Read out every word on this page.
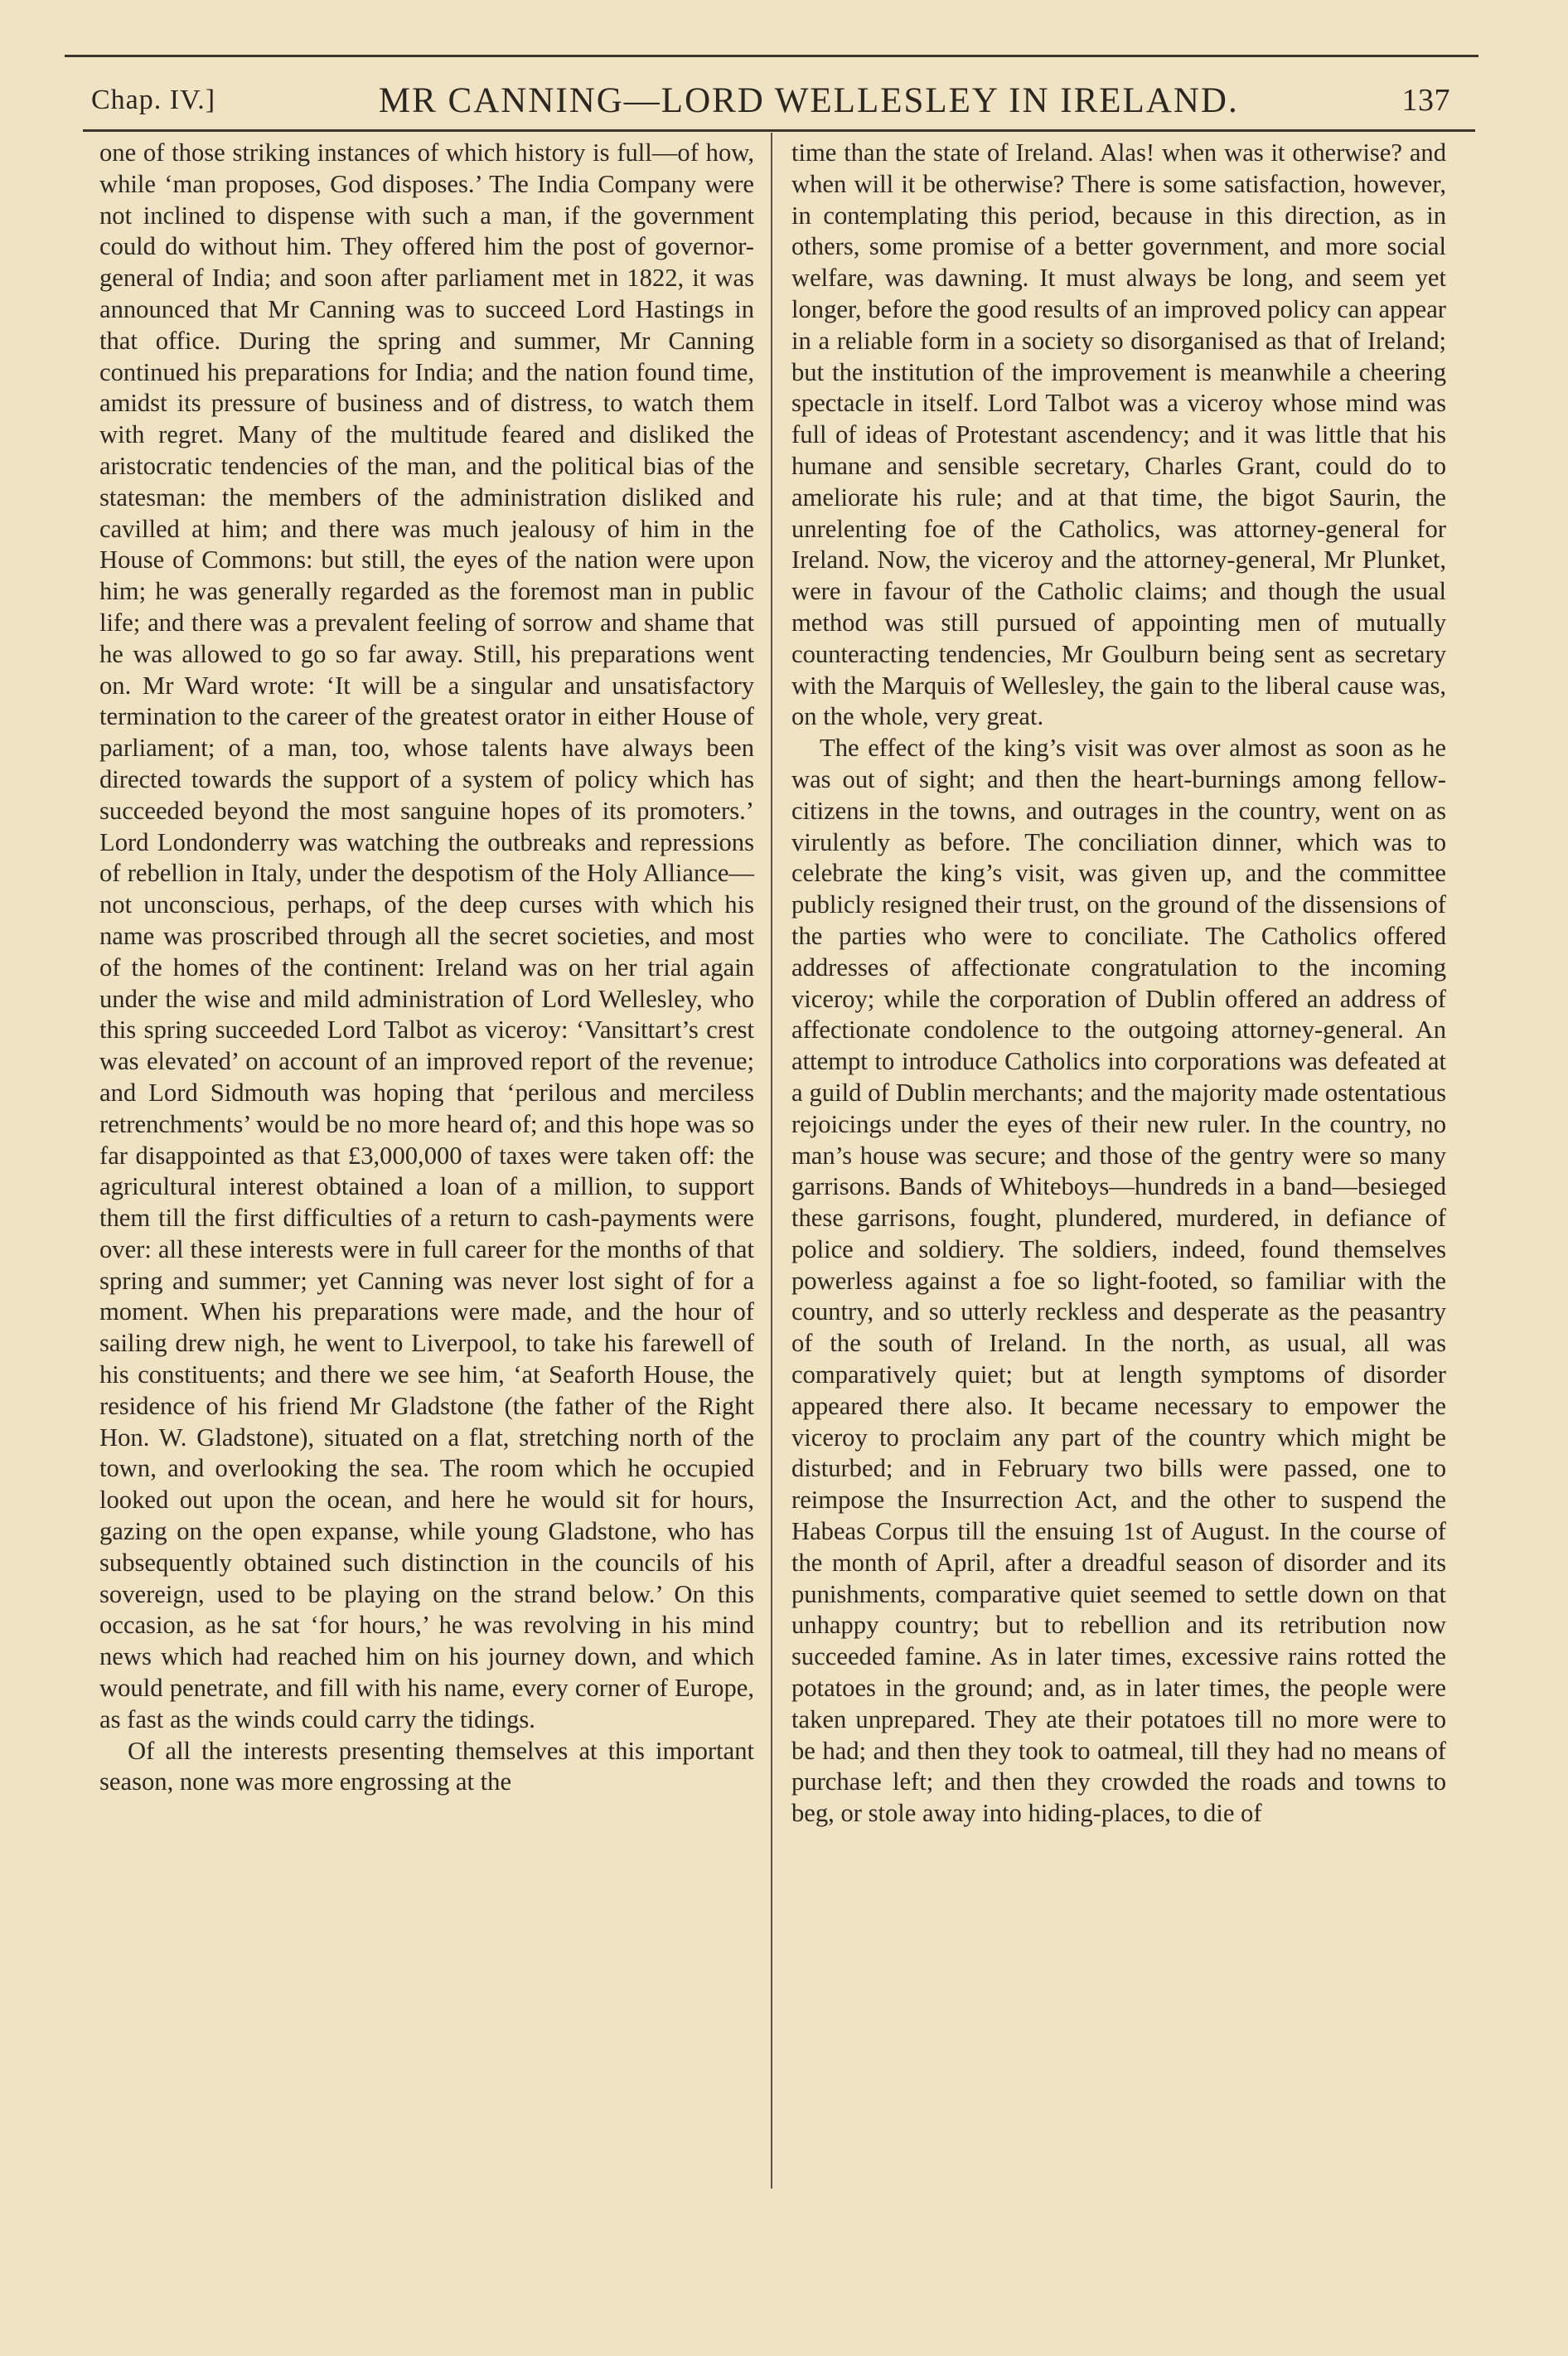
Chap. IV.]	MR CANNING—LORD WELLESLEY IN IRELAND.	137

one of those striking instances of which history is full—of how, while ‘man proposes, God disposes.’ The India Company were not inclined to dispense with such a man, if the government could do without him. They offered him the post of governor-general of India; and soon after parliament met in 1822, it was announced that Mr Canning was to succeed Lord Hastings in that office. During the spring and summer, Mr Canning continued his preparations for India; and the nation found time, amidst its pressure of business and of distress, to watch them with regret. Many of the multitude feared and disliked the aristocratic tendencies of the man, and the political bias of the statesman: the members of the administration disliked and cavilled at him; and there was much jealousy of him in the House of Commons: but still, the eyes of the nation were upon him; he was generally regarded as the foremost man in public life; and there was a prevalent feeling of sorrow and shame that he was allowed to go so far away. Still, his preparations went on. Mr Ward wrote: ‘It will be a singular and unsatisfactory termination to the career of the greatest orator in either House of parliament; of a man, too, whose talents have always been directed towards the support of a system of policy which has succeeded beyond the most sanguine hopes of its promoters.’ Lord Londonderry was watching the outbreaks and repressions of rebellion in Italy, under the despotism of the Holy Alliance—not unconscious, perhaps, of the deep curses with which his name was proscribed through all the secret societies, and most of the homes of the continent: Ireland was on her trial again under the wise and mild administration of Lord Wellesley, who this spring succeeded Lord Talbot as viceroy: ‘Vansittart’s crest was elevated’ on account of an improved report of the revenue; and Lord Sidmouth was hoping that ‘perilous and merciless retrenchments’ would be no more heard of; and this hope was so far disappointed as that £3,000,000 of taxes were taken off: the agricultural interest obtained a loan of a million, to support them till the first difficulties of a return to cash-payments were over: all these interests were in full career for the months of that spring and summer; yet Canning was never lost sight of for a moment. When his preparations were made, and the hour of sailing drew nigh, he went to Liverpool, to take his farewell of his constituents; and there we see him, ‘at Seaforth House, the residence of his friend Mr Gladstone (the father of the Right Hon. W. Gladstone), situated on a flat, stretching north of the town, and overlooking the sea. The room which he occupied looked out upon the ocean, and here he would sit for hours, gazing on the open expanse, while young Gladstone, who has subsequently obtained such distinction in the councils of his sovereign, used to be playing on the strand below.’ On this occasion, as he sat ‘for hours,’ he was revolving in his mind news which had reached him on his journey down, and which would penetrate, and fill with his name, every corner of Europe, as fast as the winds could carry the tidings.

Of all the interests presenting themselves at this important season, none was more engrossing at the

time than the state of Ireland. Alas! when was it otherwise? and when will it be otherwise? There is some satisfaction, however, in contemplating this period, because in this direction, as in others, some promise of a better government, and more social welfare, was dawning. It must always be long, and seem yet longer, before the good results of an improved policy can appear in a reliable form in a society so disorganised as that of Ireland; but the institution of the improvement is meanwhile a cheering spectacle in itself. Lord Talbot was a viceroy whose mind was full of ideas of Protestant ascendency; and it was little that his humane and sensible secretary, Charles Grant, could do to ameliorate his rule; and at that time, the bigot Saurin, the unrelenting foe of the Catholics, was attorney-general for Ireland. Now, the viceroy and the attorney-general, Mr Plunket, were in favour of the Catholic claims; and though the usual method was still pursued of appointing men of mutually counteracting tendencies, Mr Goulburn being sent as secretary with the Marquis of Wellesley, the gain to the liberal cause was, on the whole, very great.

The effect of the king’s visit was over almost as soon as he was out of sight; and then the heart-burnings among fellow-citizens in the towns, and outrages in the country, went on as virulently as before. The conciliation dinner, which was to celebrate the king’s visit, was given up, and the committee publicly resigned their trust, on the ground of the dissensions of the parties who were to conciliate. The Catholics offered addresses of affectionate congratulation to the incoming viceroy; while the corporation of Dublin offered an address of affectionate condolence to the outgoing attorney-general. An attempt to introduce Catholics into corporations was defeated at a guild of Dublin merchants; and the majority made ostentatious rejoicings under the eyes of their new ruler. In the country, no man’s house was secure; and those of the gentry were so many garrisons. Bands of Whiteboys—hundreds in a band—besieged these garrisons, fought, plundered, murdered, in defiance of police and soldiery. The soldiers, indeed, found themselves powerless against a foe so light-footed, so familiar with the country, and so utterly reckless and desperate as the peasantry of the south of Ireland. In the north, as usual, all was comparatively quiet; but at length symptoms of disorder appeared there also. It became necessary to empower the viceroy to proclaim any part of the country which might be disturbed; and in February two bills were passed, one to reimpose the Insurrection Act, and the other to suspend the Habeas Corpus till the ensuing 1st of August. In the course of the month of April, after a dreadful season of disorder and its punishments, comparative quiet seemed to settle down on that unhappy country; but to rebellion and its retribution now succeeded famine. As in later times, excessive rains rotted the potatoes in the ground; and, as in later times, the people were taken unprepared. They ate their potatoes till no more were to be had; and then they took to oatmeal, till they had no means of purchase left; and then they crowded the roads and towns to beg, or stole away into hiding-places, to die of
